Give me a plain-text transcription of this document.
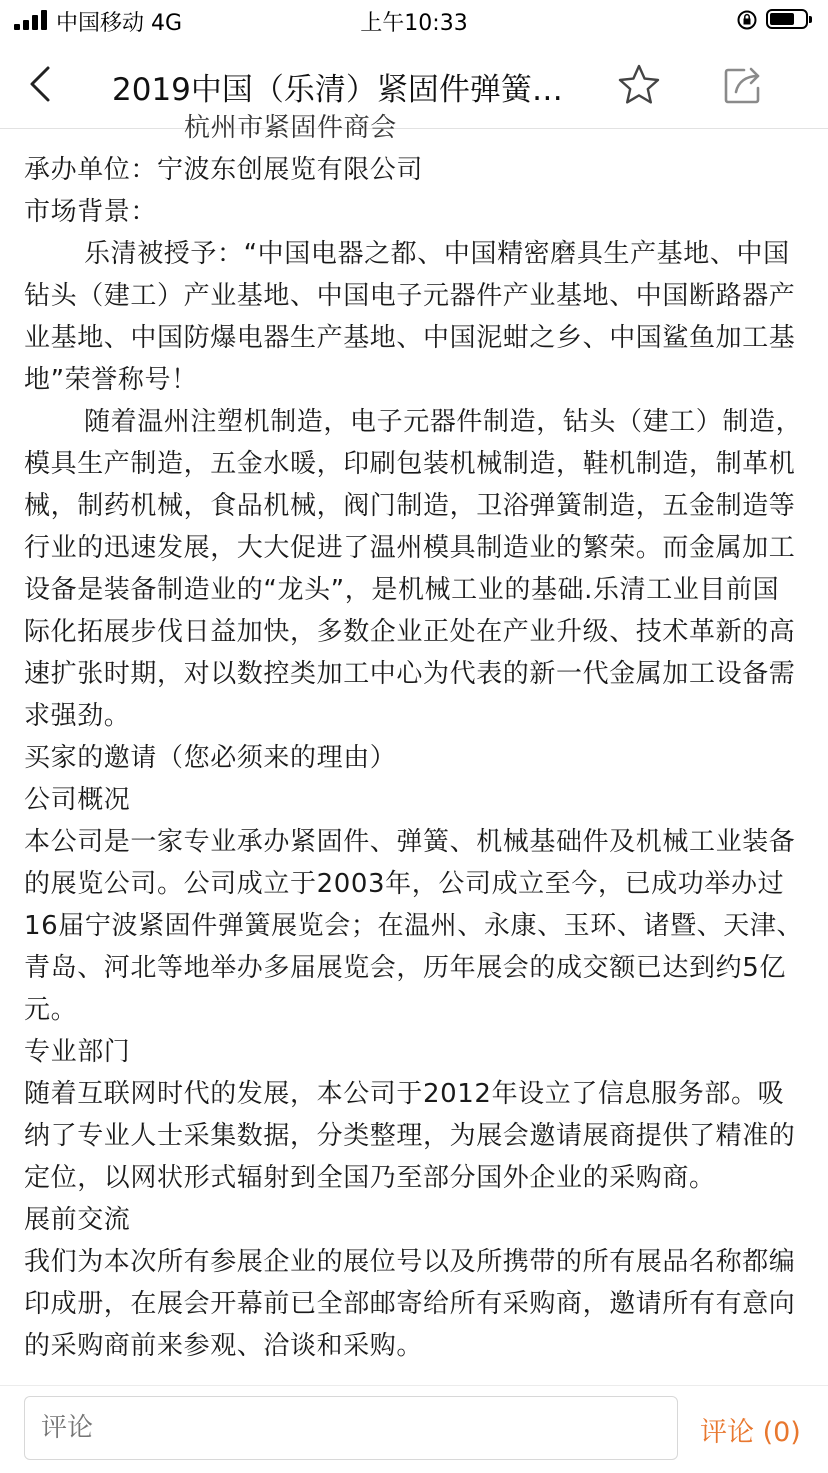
中国移动 4G	上午10:33
2019中国（乐清）紧固件弹簧…

杭州市紧固件商会

承办单位：宁波东创展览有限公司

市场背景：

乐清被授予：“中国电器之都、中国精密磨具生产基地、中国钻头（建工）产业基地、中国电子元器件产业基地、中国断路器产业基地、中国防爆电器生产基地、中国泥蚶之乡、中国鲨鱼加工基地”荣誉称号！

随着温州注塑机制造，电子元器件制造，钻头（建工）制造，模具生产制造，五金水暖，印刷包装机械制造，鞋机制造，制革机械，制药机械，食品机械，阀门制造，卫浴弹簧制造，五金制造等行业的迅速发展，大大促进了温州模具制造业的繁荣。而金属加工设备是装备制造业的“龙头”，是机械工业的基础.乐清工业目前国际化拓展步伐日益加快，多数企业正处在产业升级、技术革新的高速扩张时期，对以数控类加工中心为代表的新一代金属加工设备需求强劲。

买家的邀请（您必须来的理由）

公司概况

本公司是一家专业承办紧固件、弹簧、机械基础件及机械工业装备的展览公司。公司成立于2003年，公司成立至今，已成功举办过16届宁波紧固件弹簧展览会；在温州、永康、玉环、诸暨、天津、青岛、河北等地举办多届展览会，历年展会的成交额已达到约5亿元。

专业部门

随着互联网时代的发展，本公司于2012年设立了信息服务部。吸纳了专业人士采集数据，分类整理，为展会邀请展商提供了精准的定位，以网状形式辐射到全国乃至部分国外企业的采购商。

展前交流

我们为本次所有参展企业的展位号以及所携带的所有展品名称都编印成册，在展会开幕前已全部邮寄给所有采购商，邀请所有有意向的采购商前来参观、洽谈和采购。

评论
评论 (0)
